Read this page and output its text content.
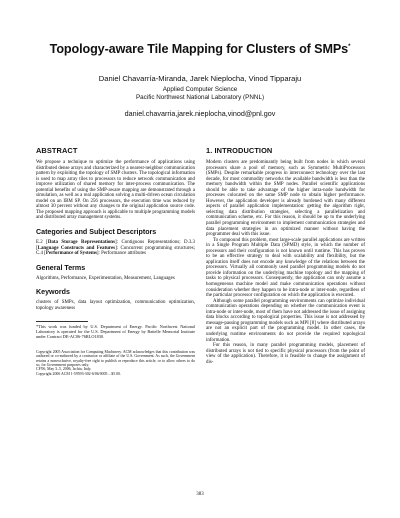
Topology-aware Tile Mapping for Clusters of SMPs*
Daniel Chavarría-Miranda, Jarek Nieplocha, Vinod Tipparaju
Applied Computer Science
Pacific Northwest National Laboratory (PNNL)
daniel.chavarria,jarek.nieplocha,vinod@pnl.gov
ABSTRACT
We propose a technique to optimize the performance of applications using distributed dense arrays and characterized by a nearest-neighbor communication pattern by exploiting the topology of SMP clusters. The topological information is used to map array tiles to processors to reduce network communication and improve utilization of shared memory for inter-process communication. The potential benefits of using the SMP-aware mapping are demonstrated through a simulation, as well as a real application solving a multi-driven ocean circulation model on an IBM SP. On 256 processors, the execution time was reduced by almost 30 percent without any changes to the original application source code. The proposed mapping approach is applicable to multiple programming models and distributed array management systems.
Categories and Subject Descriptors
E.2 [Data Storage Representations]: Contiguous Representations; D.3.3 [Language Constructs and Features]: Concurrent programming structures; C.4 [Performance of Systems]: Performance attributes
General Terms
Algorithms, Performance, Experimentation, Measurement, Languages
Keywords
clusters of SMPs, data layout optimization, communication optimization, topology awareness
*This work was funded by U.S. Department of Energy. Pacific Northwest National Laboratory is operated for the U.S. Department of Energy by Battelle Memorial Institute under Contract DE-AC06-76RLO1830.
Copyright 2005 Association for Computing Machinery. ACM acknowledges that this contribution was authored or co-authored by a contractor or affiliate of the U.S. Government. As such, the Government retains a nonexclusive, royalty-free right to publish or reproduce this article, or to allow others to do so, for Government purposes only.
CF'06, May 3–5, 2006, Ischia, Italy.
Copyright 2006 ACM 1-59593-302-6/06/0005 ...$5.00.
1. INTRODUCTION
Modern clusters are predominantly being built from nodes in which several processors share a pool of memory, such as Symmetric MultiProcessors (SMPs). Despite remarkable progress in interconnect technology over the last decade, for most commodity networks the available bandwidth is less than the memory bandwidth within the SMP nodes. Parallel scientific applications should be able to take advantage of the higher intra-node bandwidth for processes colocated on the same SMP node to obtain higher performance. However, the application developer is already burdened with many different aspects of parallel application implementation: getting the algorithm right, selecting data distribution strategies, selecting a parallelization and communication scheme, etc. For this reason, it should be up to the underlying parallel programming environment to implement communication strategies and data placement strategies in an optimized manner without having the programmer deal with this issue.
To compound this problem, most large-scale parallel applications are written in a Single Program Multiple Data (SPMD) style, in which the number of processors and their configuration is not known until runtime. This has proven to be an effective strategy to deal with scalability and flexibility, but the application itself does not encode any knowledge of the relations between the processors. Virtually all commonly used parallel programming models do not provide information on the underlying machine topology and the mapping of tasks to physical processors. Consequently, the application can only assume a homogeneous machine model and make communication operations without consideration whether they happen to be intra-node or inter-node, regardless of the particular processor configuration on which the application is executed.
Although some parallel programming environments can optimize individual communication operations depending on whether the communication event is intra-node or inter-node, most of them have not addressed the issue of assigning data blocks according to topological properties. This issue is not addressed by message-passing programming models such as MPI [8] where distributed arrays are not an explicit part of the programming model. In other cases, the underlying runtime environments do not provide the required topological information.
For this reason, in many parallel programming models, placement of distributed arrays is not tied to specific physical processors (from the point of view of the application). Therefore, it is feasible to change the assignment of dis-
383
